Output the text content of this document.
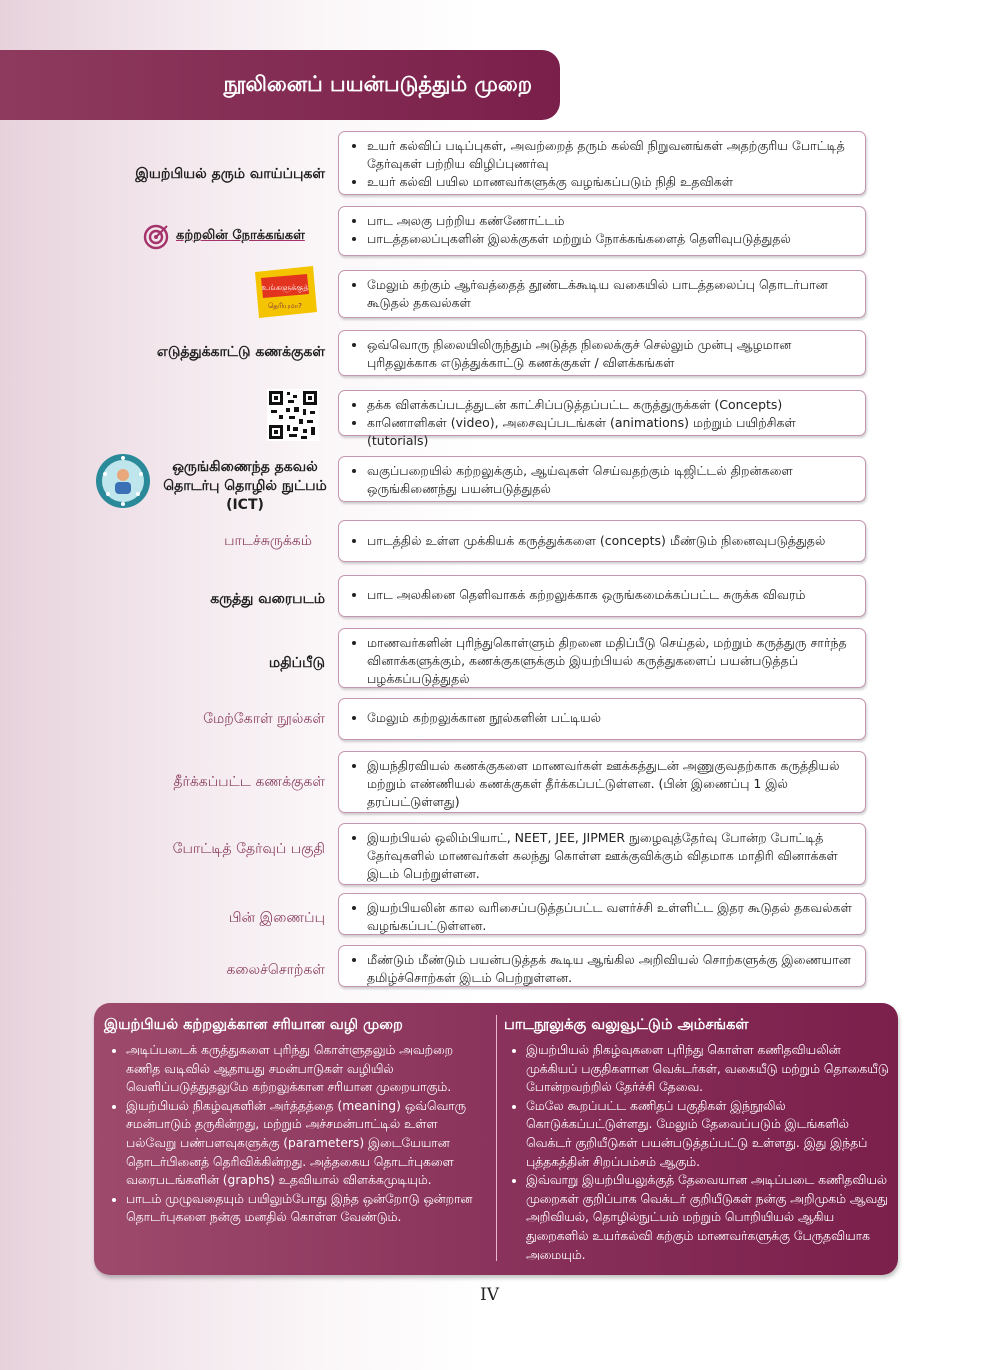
நூலினைப் பயன்படுத்தும் முறை
இயற்பியல் தரும் வாய்ப்புகள்
• உயர் கல்விப் படிப்புகள், அவற்றைத் தரும் கல்வி நிறுவனங்கள் அதற்குரிய போட்டித் தேர்வுகள் பற்றிய விழிப்புணர்வு
• உயர் கல்வி பயில மாணவர்களுக்கு வழங்கப்படும் நிதி உதவிகள்
கற்றலின் நோக்கங்கள்
• பாட அலகு பற்றிய கண்ணோட்டம்
• பாடத்தலைப்புகளின் இலக்குகள் மற்றும் நோக்கங்களைத் தெளிவுபடுத்துதல்
உங்களுக்குத்
தெரியுமா?
• மேலும் கற்கும் ஆர்வத்தைத் தூண்டக்கூடிய வகையில் பாடத்தலைப்பு தொடர்பான கூடுதல் தகவல்கள்
எடுத்துக்காட்டு கணக்குகள்	• ஒவ்வொரு நிலையிலிருந்தும் அடுத்த நிலைக்குச் செல்லும் முன்பு ஆழமான புரிதலுக்காக எடுத்துக்காட்டு கணக்குகள் / விளக்கங்கள்
• தக்க விளக்கப்படத்துடன் காட்சிப்படுத்தப்பட்ட கருத்துருக்கள் (Concepts)
• காணொளிகள் (video), அசைவுப்படங்கள் (animations) மற்றும் பயிற்சிகள் (tutorials)
ஒருங்கிணைந்த தகவல் தொடர்பு தொழில் நுட்பம் (ICT)
• வகுப்பறையில் கற்றலுக்கும், ஆய்வுகள் செய்வதற்கும் டிஜிட்டல் திறன்களை ஒருங்கிணைந்து பயன்படுத்துதல்
பாடச்சுருக்கம்	• பாடத்தில் உள்ள முக்கியக் கருத்துக்களை (concepts) மீண்டும் நினைவுபடுத்துதல்
கருத்து வரைபடம்	• பாட அலகினை தெளிவாகக் கற்றலுக்காக ஒருங்கமைக்கப்பட்ட சுருக்க விவரம்
மதிப்பீடு
• மாணவர்களின் புரிந்துகொள்ளும் திறனை மதிப்பீடு செய்தல், மற்றும் கருத்துரு சார்ந்த வினாக்களுக்கும், கணக்குகளுக்கும் இயற்பியல் கருத்துகளைப் பயன்படுத்தப் பழக்கப்படுத்துதல்
மேற்கோள் நூல்கள்	• மேலும் கற்றலுக்கான நூல்களின் பட்டியல்
தீர்க்கப்பட்ட கணக்குகள்
• இயந்திரவியல் கணக்குகளை மாணவர்கள் ஊக்கத்துடன் அணுகுவதற்காக கருத்தியல் மற்றும் எண்ணியல் கணக்குகள் தீர்க்கப்பட்டுள்ளன. (பின் இணைப்பு 1 இல் தரப்பட்டுள்ளது)
போட்டித் தேர்வுப் பகுதி
• இயற்பியல் ஒலிம்பியாட், NEET, JEE, JIPMER நுழைவுத்தேர்வு போன்ற போட்டித் தேர்வுகளில் மாணவர்கள் கலந்து கொள்ள ஊக்குவிக்கும் விதமாக மாதிரி வினாக்கள் இடம் பெற்றுள்ளன.
பின் இணைப்பு
• இயற்பியலின் கால வரிசைப்படுத்தப்பட்ட வளர்ச்சி உள்ளிட்ட இதர கூடுதல் தகவல்கள் வழங்கப்பட்டுள்ளன.
கலைச்சொற்கள்
• மீண்டும் மீண்டும் பயன்படுத்தக் கூடிய ஆங்கில அறிவியல் சொற்களுக்கு இணையான தமிழ்ச்சொற்கள் இடம் பெற்றுள்ளன.
இயற்பியல் கற்றலுக்கான சரியான வழி முறை
• அடிப்படைக் கருத்துகளை புரிந்து கொள்ளுதலும் அவற்றை கணித வடிவில் ஆதாயது சமன்பாடுகள் வழியில் வெளிப்படுத்துதலுமே கற்றலுக்கான சரியான முறையாகும்.
• இயற்பியல் நிகழ்வுகளின் அர்த்தத்தை (meaning) ஒவ்வொரு சமன்பாடும் தருகின்றது, மற்றும் அச்சமன்பாட்டில் உள்ள பல்வேறு பண்பளவுகளுக்கு (parameters) இடையேயான தொடர்பினைத் தெரிவிக்கின்றது. அத்தகைய தொடர்புகளை வரைபடங்களின் (graphs) உதவியால் விளக்கமுடியும்.
• பாடம் முழுவதையும் பயிலும்போது இந்த ஒன்றோடு ஒன்றான தொடர்புகளை நன்கு மனதில் கொள்ள வேண்டும்.
பாடநூலுக்கு வலுவூட்டும் அம்சங்கள்
• இயற்பியல் நிகழ்வுகளை புரிந்து கொள்ள கணிதவியலின் முக்கியப் பகுதிகளான வெக்டர்கள், வகையீடு மற்றும் தொகையீடு போன்றவற்றில் தேர்ச்சி தேவை.
• மேலே கூறப்பட்ட கணிதப் பகுதிகள் இந்நூலில் கொடுக்கப்பட்டுள்ளது. மேலும் தேவைப்படும் இடங்களில் வெக்டர் குறியீடுகள் பயன்படுத்தப்பட்டு உள்ளது. இது இந்தப் புத்தகத்தின் சிறப்பம்சம் ஆகும்.
• இவ்வாறு இயற்பியலுக்குத் தேவையான அடிப்படை கணிதவியல் முறைகள் குறிப்பாக வெக்டர் குறியீடுகள் நன்கு அறிமுகம் ஆவது அறிவியல், தொழில்நுட்பம் மற்றும் பொறியியல் ஆகிய துறைகளில் உயர்கல்வி கற்கும் மாணவர்களுக்கு பேருதவியாக அமையும்.
IV
